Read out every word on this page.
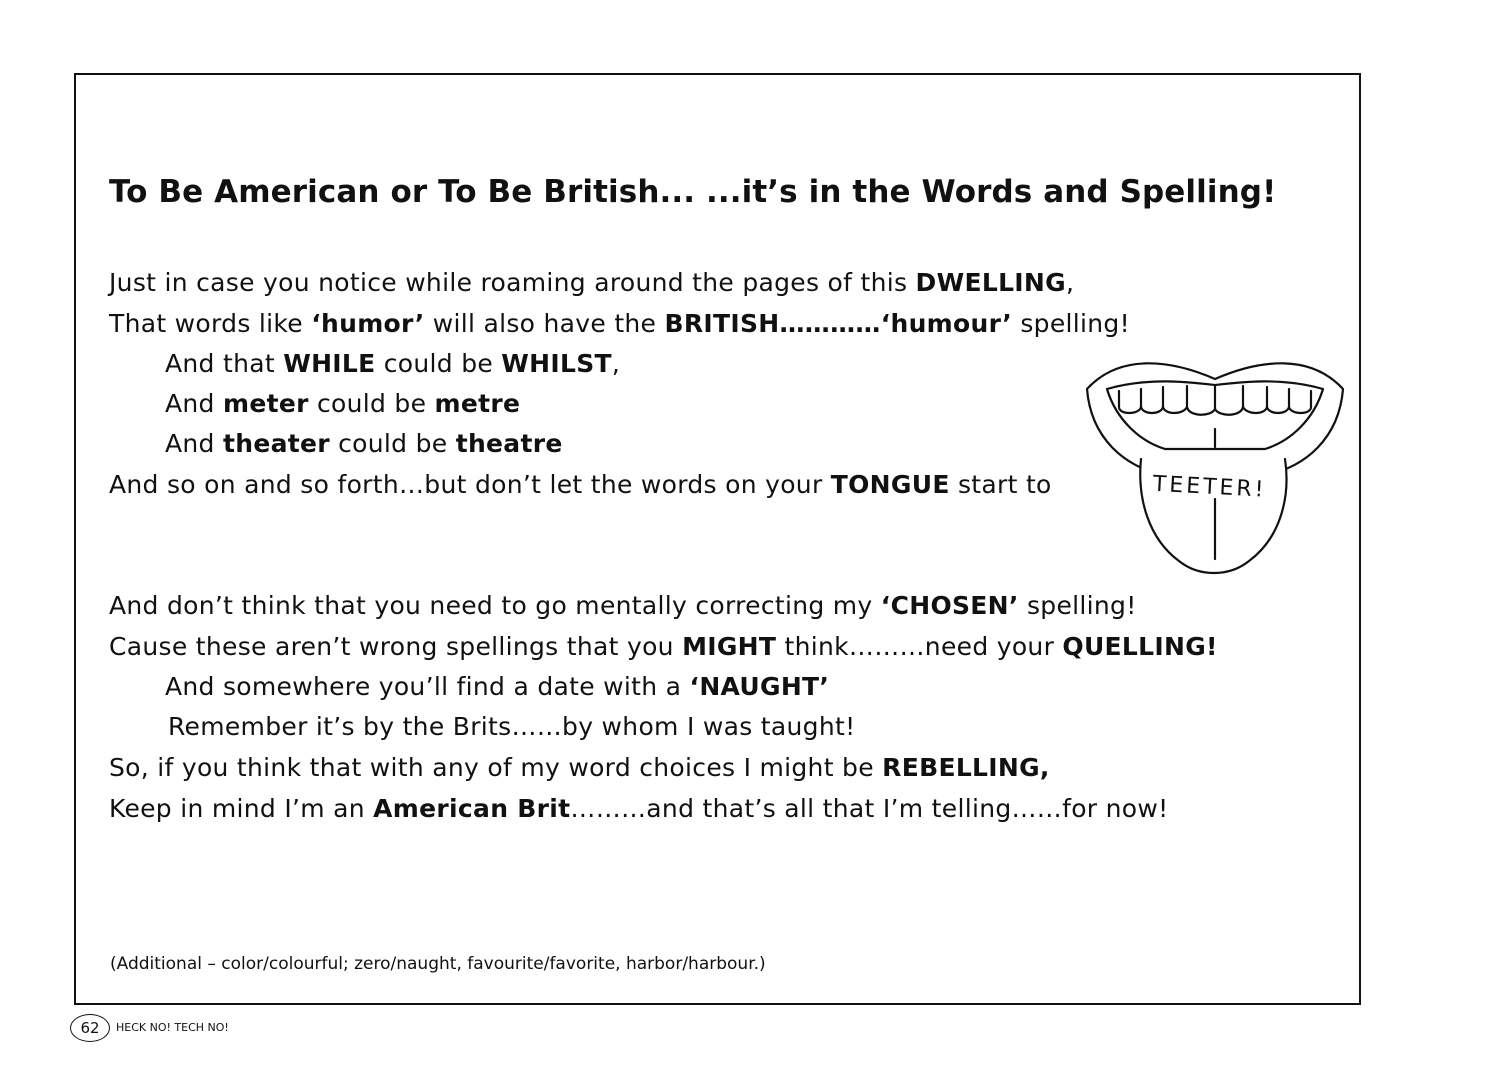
To Be American or To Be British... ...it’s in the Words and Spelling!
Just in case you notice while roaming around the pages of this DWELLING,
That words like ‘humor’ will also have the BRITISH…………‘humour’ spelling!
And that WHILE could be WHILST,
And meter could be metre
And theater could be theatre
And so on and so forth…but don’t let the words on your TONGUE start to	TEETER!
And don’t think that you need to go mentally correcting my ‘CHOSEN’ spelling!
Cause these aren’t wrong spellings that you MIGHT think………need your QUELLING!
And somewhere you’ll find a date with a ‘NAUGHT’
Remember it’s by the Brits……by whom I was taught!
So, if you think that with any of my word choices I might be REBELLING,
Keep in mind I’m an American Brit………and that’s all that I’m telling……for now!
(Additional – color/colourful; zero/naught, favourite/favorite, harbor/harbour.)
62	HECK NO! TECH NO!
